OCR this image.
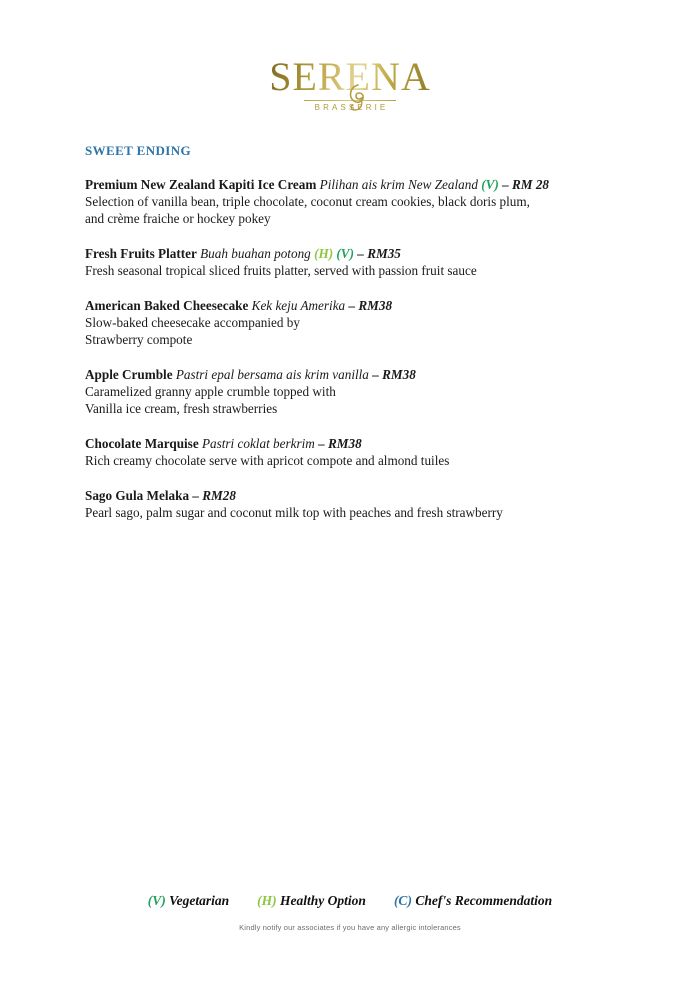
SERENA
BRASSERIE
SWEET ENDING
Premium New Zealand Kapiti Ice Cream Pilihan ais krim New Zealand (V) – RM 28
Selection of vanilla bean, triple chocolate, coconut cream cookies, black doris plum,
and crème fraiche or hockey pokey
Fresh Fruits Platter Buah buahan potong (H) (V) – RM35
Fresh seasonal tropical sliced fruits platter, served with passion fruit sauce
American Baked Cheesecake Kek keju Amerika – RM38
Slow-baked cheesecake accompanied by
Strawberry compote
Apple Crumble Pastri epal bersama ais krim vanilla – RM38
Caramelized granny apple crumble topped with
Vanilla ice cream, fresh strawberries
Chocolate Marquise Pastri coklat berkrim – RM38
Rich creamy chocolate serve with apricot compote and almond tuiles
Sago Gula Melaka – RM28
Pearl sago, palm sugar and coconut milk top with peaches and fresh strawberry
(V) Vegetarian (H) Healthy Option (C) Chef's Recommendation
Kindly notify our associates if you have any allergic intolerances
